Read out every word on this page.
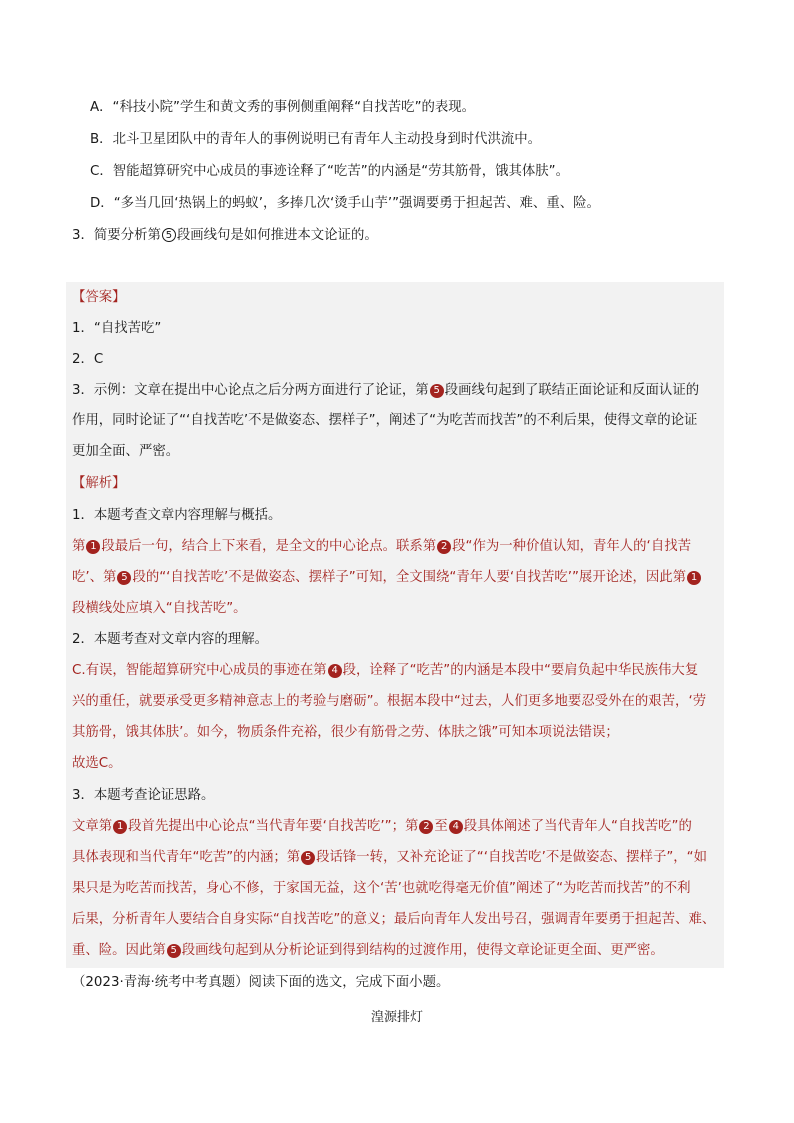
A．“科技小院”学生和黄文秀的事例侧重阐释“自找苦吃”的表现。
B．北斗卫星团队中的青年人的事例说明已有青年人主动投身到时代洪流中。
C．智能超算研究中心成员的事迹诠释了“吃苦”的内涵是“劳其筋骨，饿其体肤”。
D．“多当几回‘热锅上的蚂蚁’，多捧几次‘烫手山芋’”强调要勇于担起苦、难、重、险。
3．简要分析第 5 段画线句是如何推进本文论证的。
【答案】
1．“自找苦吃”
2．C
3．示例：文章在提出中心论点之后分两方面进行了论证，第 5 段画线句起到了联结正面论证和反面认证的
作用，同时论证了“‘自找苦吃’不是做姿态、摆样子”，阐述了“为吃苦而找苦”的不利后果，使得文章的论证
更加全面、严密。
【解析】
1．本题考查文章内容理解与概括。
第 1 段最后一句，结合上下来看，是全文的中心论点。联系第 2 段“作为一种价值认知，青年人的‘自找苦
吃’、第 5 段的“‘自找苦吃’不是做姿态、摆样子”可知，全文围绕“青年人要‘自找苦吃’”展开论述，因此第 1
段横线处应填入“自找苦吃”。
2．本题考查对文章内容的理解。
C.有误，智能超算研究中心成员的事迹在第 4 段，诠释了“吃苦”的内涵是本段中“要肩负起中华民族伟大复
兴的重任，就要承受更多精神意志上的考验与磨砺”。根据本段中“过去，人们更多地要忍受外在的艰苦，‘劳
其筋骨，饿其体肤’。如今，物质条件充裕，很少有筋骨之劳、体肤之饿”可知本项说法错误；
故选C。
3．本题考查论证思路。
文章第 1 段首先提出中心论点“当代青年要‘自找苦吃’”；第 2 至 4 段具体阐述了当代青年人“自找苦吃”的
具体表现和当代青年“吃苦”的内涵；第 5 段话锋一转，又补充论证了“‘自找苦吃’不是做姿态、摆样子”，“如
果只是为吃苦而找苦，身心不修，于家国无益，这个‘苦’也就吃得毫无价值”阐述了“为吃苦而找苦”的不利
后果，分析青年人要结合自身实际“自找苦吃”的意义；最后向青年人发出号召，强调青年要勇于担起苦、难、
重、险。因此第 5 段画线句起到从分析论证到得到结构的过渡作用，使得文章论证更全面、更严密。
（2023·青海·统考中考真题）阅读下面的选文，完成下面小题。
湟源排灯
